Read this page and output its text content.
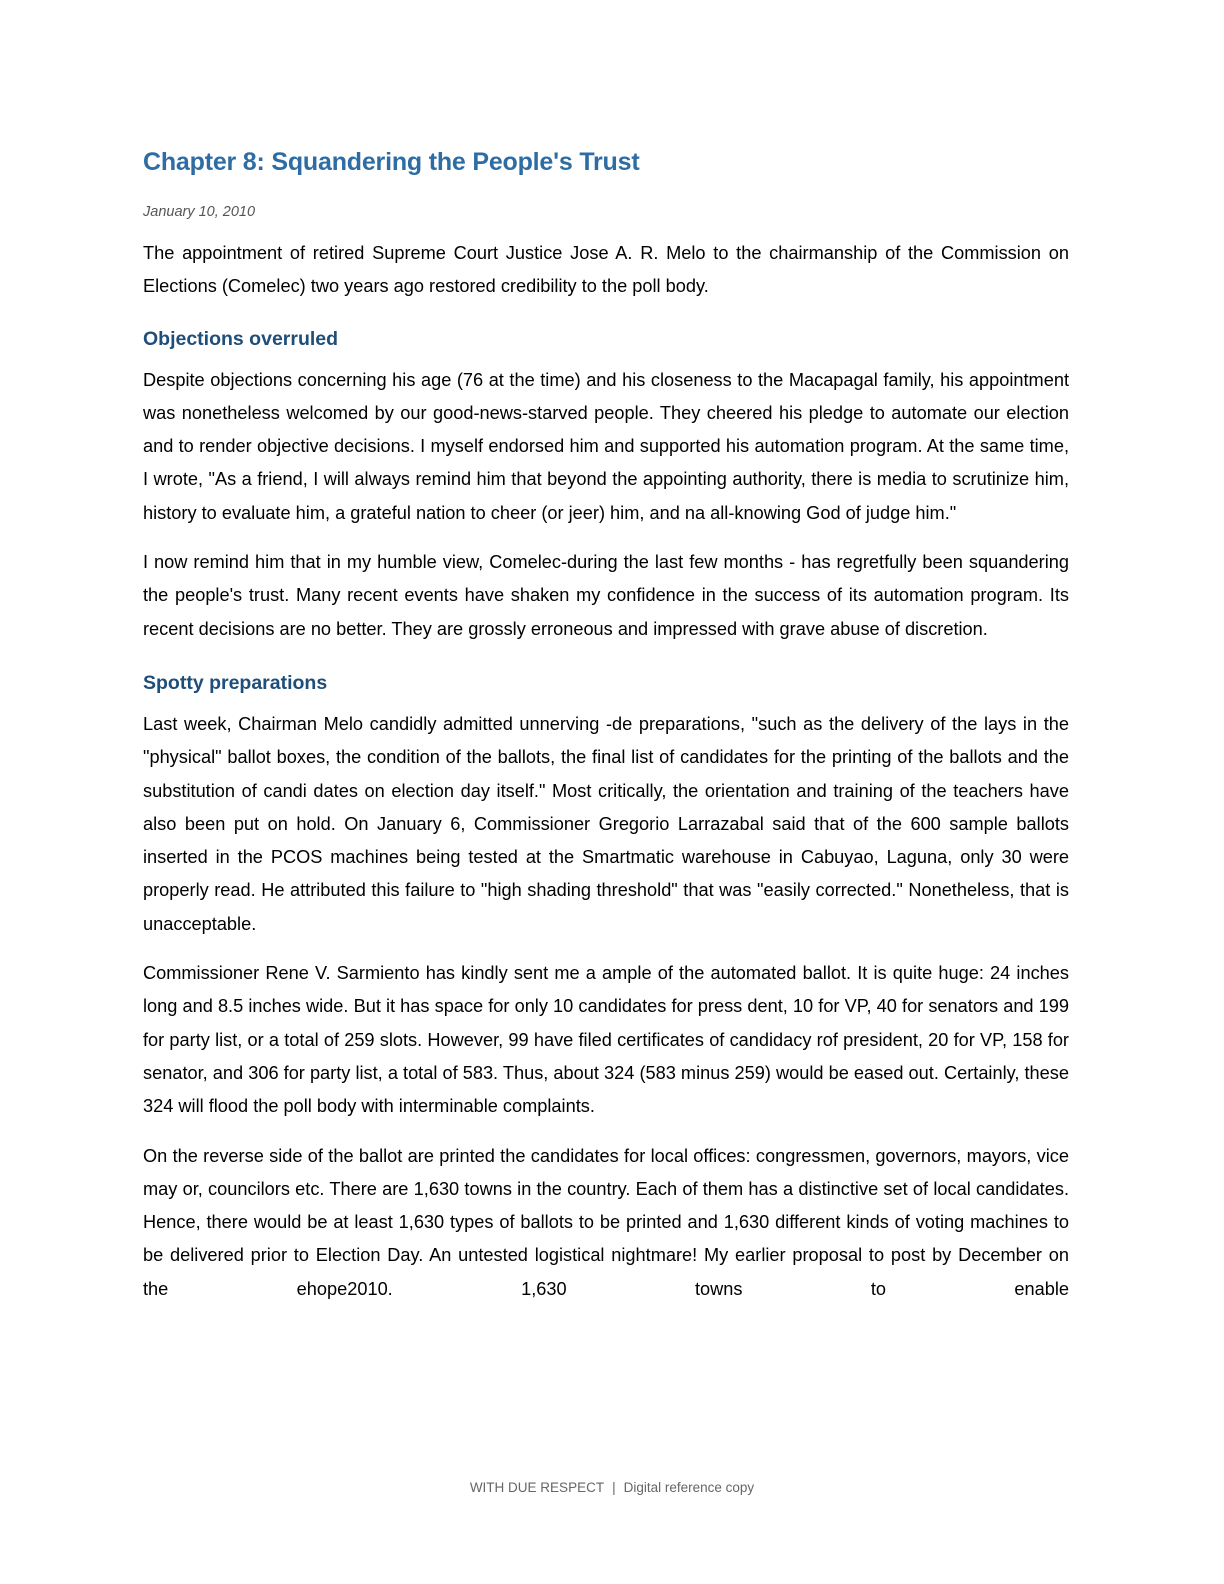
Chapter 8: Squandering the People's Trust

January 10, 2010

The appointment of retired Supreme Court Justice Jose A. R. Melo to the chairmanship of the Commission on Elections (Comelec) two years ago restored credibility to the poll body.

Objections overruled

Despite objections concerning his age (76 at the time) and his closeness to the Macapagal family, his appointment was nonetheless welcomed by our good-news-starved people. They cheered his pledge to automate our election and to render objective decisions. I myself endorsed him and supported his automation program. At the same time, I wrote, "As a friend, I will always remind him that beyond the appointing authority, there is media to scrutinize him, history to evaluate him, a grateful nation to cheer (or jeer) him, and na all-knowing God of judge him."

I now remind him that in my humble view, Comelec-during the last few months - has regretfully been squandering the people's trust. Many recent events have shaken my confidence in the success of its automation program. Its recent decisions are no better. They are grossly erroneous and impressed with grave abuse of discretion.

Spotty preparations

Last week, Chairman Melo candidly admitted unnerving -de preparations, "such as the delivery of the lays in the "physical" ballot boxes, the condition of the ballots, the final list of candidates for the printing of the ballots and the substitution of candi dates on election day itself." Most critically, the orientation and training of the teachers have also been put on hold. On January 6, Commissioner Gregorio Larrazabal said that of the 600 sample ballots inserted in the PCOS machines being tested at the Smartmatic warehouse in Cabuyao, Laguna, only 30 were properly read. He attributed this failure to "high shading threshold" that was "easily corrected." Nonetheless, that is unacceptable.

Commissioner Rene V. Sarmiento has kindly sent me a ample of the automated ballot. It is quite huge: 24 inches long and 8.5 inches wide. But it has space for only 10 candidates for press dent, 10 for VP, 40 for senators and 199 for party list, or a total of 259 slots. However, 99 have filed certificates of candidacy rof president, 20 for VP, 158 for senator, and 306 for party list, a total of 583. Thus, about 324 (583 minus 259) would be eased out. Certainly, these 324 will flood the poll body with interminable complaints.

On the reverse side of the ballot are printed the candidates for local offices: congressmen, governors, mayors, vice may or, councilors etc. There are 1,630 towns in the country. Each of them has a distinctive set of local candidates. Hence, there would be at least 1,630 types of ballots to be printed and 1,630 different kinds of voting machines to be delivered prior to Election Day. An untested logistical nightmare! My earlier proposal to post by December on the ehope2010. 1,630 towns to enable

WITH DUE RESPECT | Digital reference copy
